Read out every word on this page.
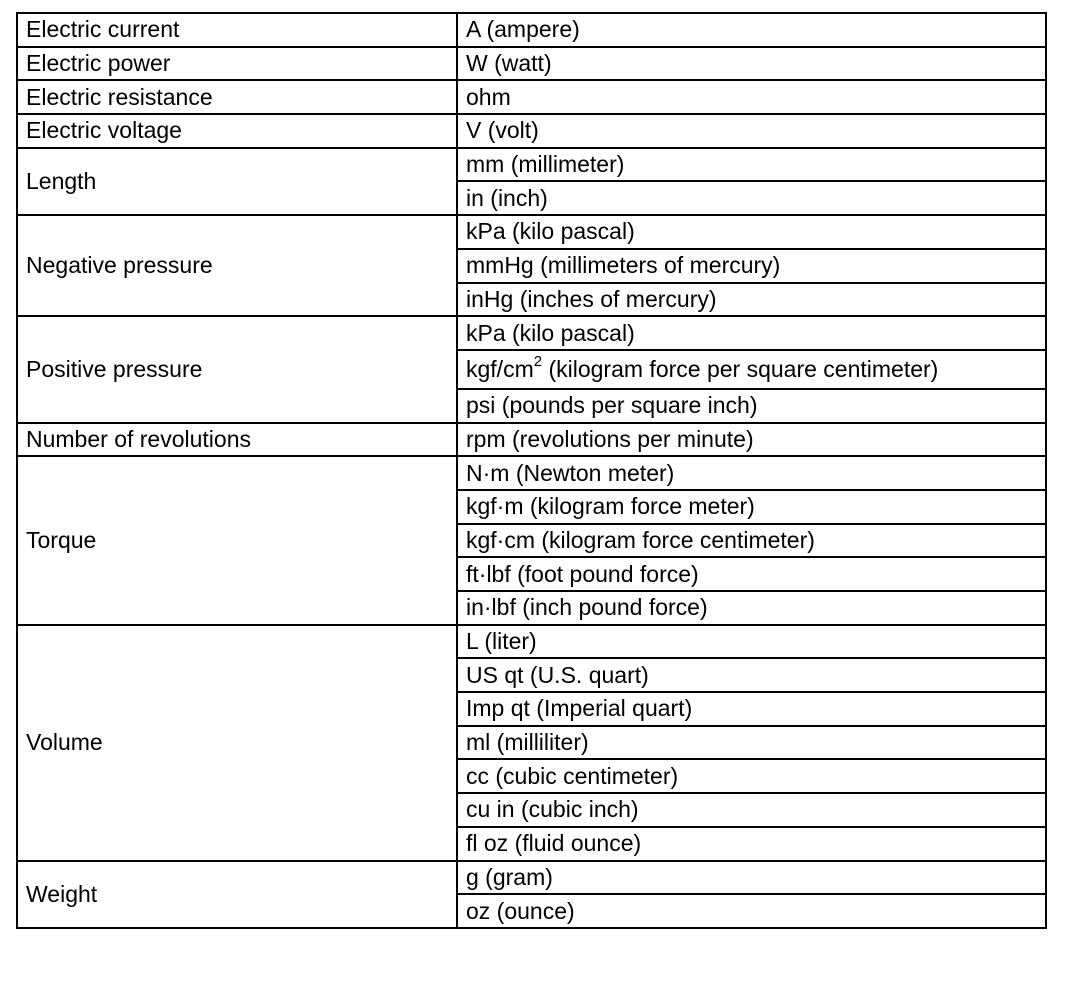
Electric current	A (ampere)
Electric power	W (watt)
Electric resistance	ohm
Electric voltage	V (volt)
Length	mm (millimeter)
	in (inch)
Negative pressure	kPa (kilo pascal)
	mmHg (millimeters of mercury)
	inHg (inches of mercury)
Positive pressure	kPa (kilo pascal)
	kgf/$cm^2$ (kilogram force per square centimeter)
	psi (pounds per square inch)
Number of revolutions	rpm (revolutions per minute)
Torque	N·m (Newton meter)
	kgf·m (kilogram force meter)
	kgf·cm (kilogram force centimeter)
	ft·lbf (foot pound force)
	in·lbf (inch pound force)
Volume	L (liter)
	US qt (U.S. quart)
	Imp qt (Imperial quart)
	ml (milliliter)
	cc (cubic centimeter)
	cu in (cubic inch)
	fl oz (fluid ounce)
Weight	g (gram)
	oz (ounce)
